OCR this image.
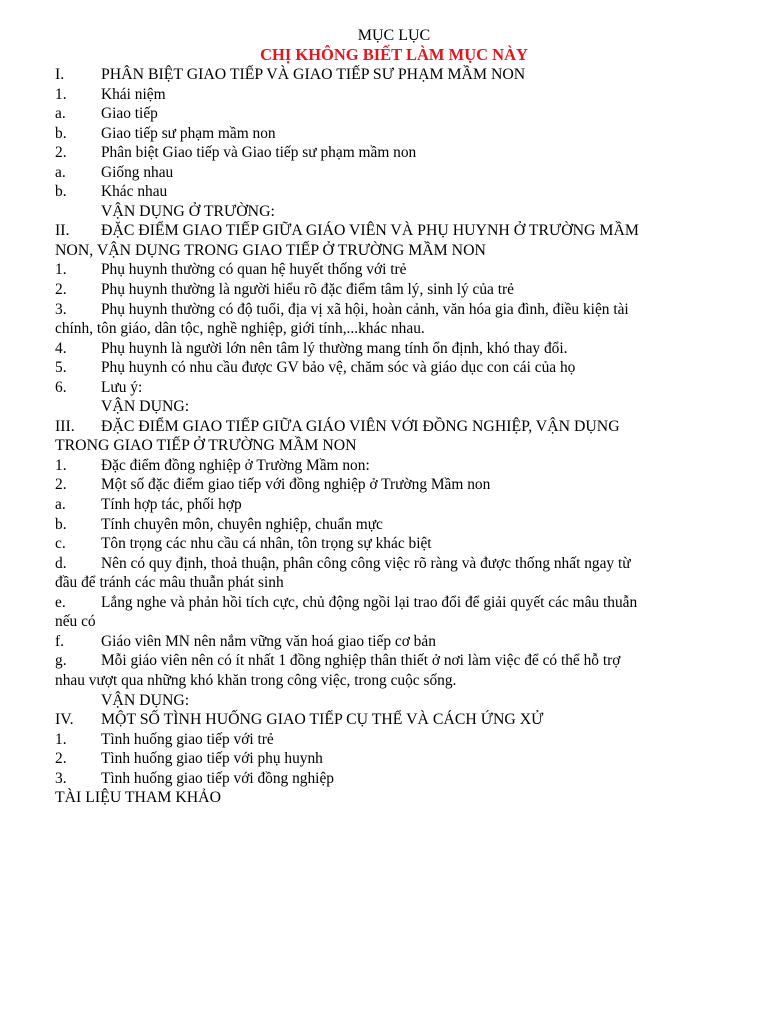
MỤC LỤC
CHỊ KHÔNG BIẾT LÀM MỤC NÀY
I. PHÂN BIỆT GIAO TIẾP VÀ GIAO TIẾP SƯ PHẠM MẦM NON
1. Khái niệm
a. Giao tiếp
b. Giao tiếp sư phạm mầm non
2. Phân biệt Giao tiếp và Giao tiếp sư phạm mầm non
a. Giống nhau
b. Khác nhau
VẬN DỤNG Ở TRƯỜNG:
II. ĐẶC ĐIỂM GIAO TIẾP GIỮA GIÁO VIÊN VÀ PHỤ HUYNH Ở TRƯỜNG MẦM
NON, VẬN DỤNG TRONG GIAO TIẾP Ở TRƯỜNG MẦM NON
1. Phụ huynh thường có quan hệ huyết thống với trẻ
2. Phụ huynh thường là người hiểu rõ đặc điểm tâm lý, sinh lý của trẻ
3. Phụ huynh thường có độ tuổi, địa vị xã hội, hoàn cảnh, văn hóa gia đình, điều kiện tài
chính, tôn giáo, dân tộc, nghề nghiệp, giới tính,...khác nhau.
4. Phụ huynh là người lớn nên tâm lý thường mang tính ổn định, khó thay đổi.
5. Phụ huynh có nhu cầu được GV bảo vệ, chăm sóc và giáo dục con cái của họ
6. Lưu ý:
VẬN DỤNG:
III. ĐẶC ĐIỂM GIAO TIẾP GIỮA GIÁO VIÊN VỚI ĐỒNG NGHIỆP, VẬN DỤNG
TRONG GIAO TIẾP Ở TRƯỜNG MẦM NON
1. Đặc điểm đồng nghiệp ở Trường Mầm non:
2. Một số đặc điểm giao tiếp với đồng nghiệp ở Trường Mầm non
a. Tính hợp tác, phối hợp
b. Tính chuyên môn, chuyên nghiệp, chuẩn mực
c. Tôn trọng các nhu cầu cá nhân, tôn trọng sự khác biệt
d. Nên có quy định, thoả thuận, phân công công việc rõ ràng và được thống nhất ngay từ
đầu để tránh các mâu thuẫn phát sinh
e. Lắng nghe và phản hồi tích cực, chủ động ngồi lại trao đổi để giải quyết các mâu thuẫn
nếu có
f. Giáo viên MN nên nắm vững văn hoá giao tiếp cơ bản
g. Mỗi giáo viên nên có ít nhất 1 đồng nghiệp thân thiết ở nơi làm việc để có thể hỗ trợ
nhau vượt qua những khó khăn trong công việc, trong cuộc sống.
VẬN DỤNG:
IV. MỘT SỐ TÌNH HUỐNG GIAO TIẾP CỤ THỂ VÀ CÁCH ỨNG XỬ
1. Tình huống giao tiếp với trẻ
2. Tình huống giao tiếp với phụ huynh
3. Tình huống giao tiếp với đồng nghiệp
TÀI LIỆU THAM KHẢO
